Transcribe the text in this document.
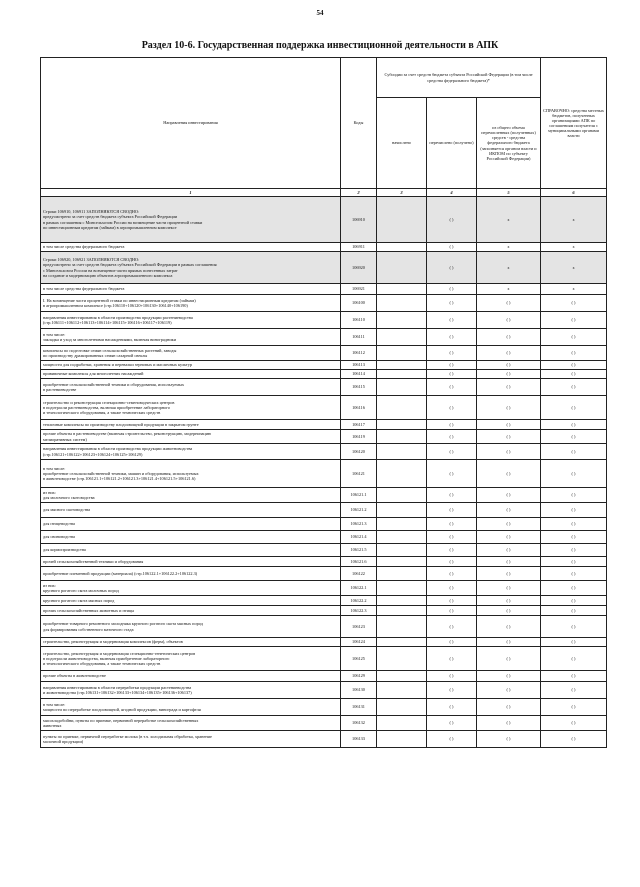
54
Раздел 10-6. Государственная поддержка инвестиционной деятельности в АПК
Направления инвестирования	Коды	Субсидии за счет средств бюджета субъекта Российской Федерации (в том числе средства федерального бюджета)*			СПРАВОЧНО: средства местных бюджетов, полученных организациями АПК по соглашениям получателя с муниципальными органами власти
		начислено	перечислено (получено)	из общего объема перечисленных (полученных) средств - средства федерального бюджета (заполняется органом власти и ИКПОМ по субъекту Российской Федерации)	
1	2	3	4	5	6
Строки 106910, 106911 ЗАПОЛНЯЮТСЯ СВОДНО:
предусмотрено за счет средств бюджета субъекта Российской Федерации
в рамках соглашения с Минсельхозом России на возмещение части процентной ставки
по инвестиционным кредитам (займам) в агропромышленном комплексе	106910		( )	x	x
в том числе средства федерального бюджета	106911		( )	x	x
Строки 106920, 106921 ЗАПОЛНЯЮТСЯ СВОДНО:
предусмотрено за счет средств бюджета субъекта Российской Федерации в рамках соглашения
с Минсельхозом России на возмещение части прямых понесенных затрат
на создание и модернизацию объектов агропромышленного комплекса	106920		( )	x	x
в том числе средства федерального бюджета	106921		( )	x	x
I. На возмещение части процентной ставки по инвестиционным кредитам (займам)
в агропромышленном комплексе (стр.106110+106120+106130+106140+106190)	106100		( )	( )	( )
направления инвестирования в области производства продукции растениеводства
(стр.106111+106112+106113+106114+106115+106116+106117+106119)	106110		( )	( )	( )
в том числе:
закладка и уход за многолетними насаждениями, включая виноградники	106111		( )	( )	( )
комплексы по подготовке семян сельскохозяйственных растений, заводы
по производству дражированных семян сахарной свеклы	106112		( )	( )	( )
мощности для подработки, хранения и перевалки зерновых и масличных культур	106113		( )	( )	( )
прививочные комплексы для многолетних насаждений	106114		( )	( )	( )
приобретение сельскохозяйственной техники и оборудования, используемых
в растениеводстве	106115		( )	( )	( )
строительство и реконструкция селекционно-семеноводческих центров
в подотрасли растениеводства, включая приобретение лабораторного
и технологического оборудования, а также технических средств	106116		( )	( )	( )
тепличные комплексы по производству плодоовощной продукции в закрытом грунте	106117		( )	( )	( )
прочие объекты в растениеводстве (включая строительство, реконструкцию, модернизацию
мелиоративных систем)	106119		( )	( )	( )
направления инвестирования в области производства продукции животноводства
(стр.106121+106122+106123+106124+106125+106129)	106120		( )	( )	( )
в том числе:
приобретение сельскохозяйственной техники, машин и оборудования, используемых
в животноводстве (стр.106121.1+106121.2+106121.3+106121.4+106121.5+106121.6)	106121		( )	( )	( )
из них:
для молочного скотоводства	106121.1		( )	( )	( )
для мясного скотоводства	106121.2		( )	( )	( )
для птицеводства	106121.3		( )	( )	( )
для свиноводства	106121.4		( )	( )	( )
для кормопроизводства	106121.5		( )	( )	( )
прочей сельскохозяйственной техники и оборудования	106121.6		( )	( )	( )
приобретение племенной продукции (материала) (стр.106122.1+106122.2+106122.3)	106122		( )	( )	( )
из них:
крупного рогатого скота молочных пород	106122.1		( )	( )	( )
крупного рогатого скота мясных пород	106122.2		( )	( )	( )
прочих сельскохозяйственных животных и птицы	106122.3		( )	( )	( )
приобретение товарного ремонтного молодняка крупного рогатого скота мясных пород
для формирования собственного маточного стада	106123		( )	( )	( )
строительство, реконструкция и модернизация комплексов (ферм), объектов	106124		( )	( )	( )
строительство, реконструкция и модернизация селекционно-генетических центров
в подотрасли животноводства, включая приобретение лабораторного
и технологического оборудования, а также технических средств	106125		( )	( )	( )
прочие объекты в животноводстве	106129		( )	( )	( )
направления инвестирования в области переработки продукции растениеводства
и животноводства (стр.106131+106132+106133+106134+106135+106136+106137)	106130		( )	( )	( )
в том числе:
мощности по переработке плодоовощной, ягодной продукции, винограда и картофеля	106131		( )	( )	( )
мясохладобойни, пункты по приемке, первичной переработке сельскохозяйственных
животных	106132		( )	( )	( )
пункты по приемке, первичной переработке молока (в т.ч. холодильная обработка, хранение
молочной продукции)	106133		( )	( )	( )
